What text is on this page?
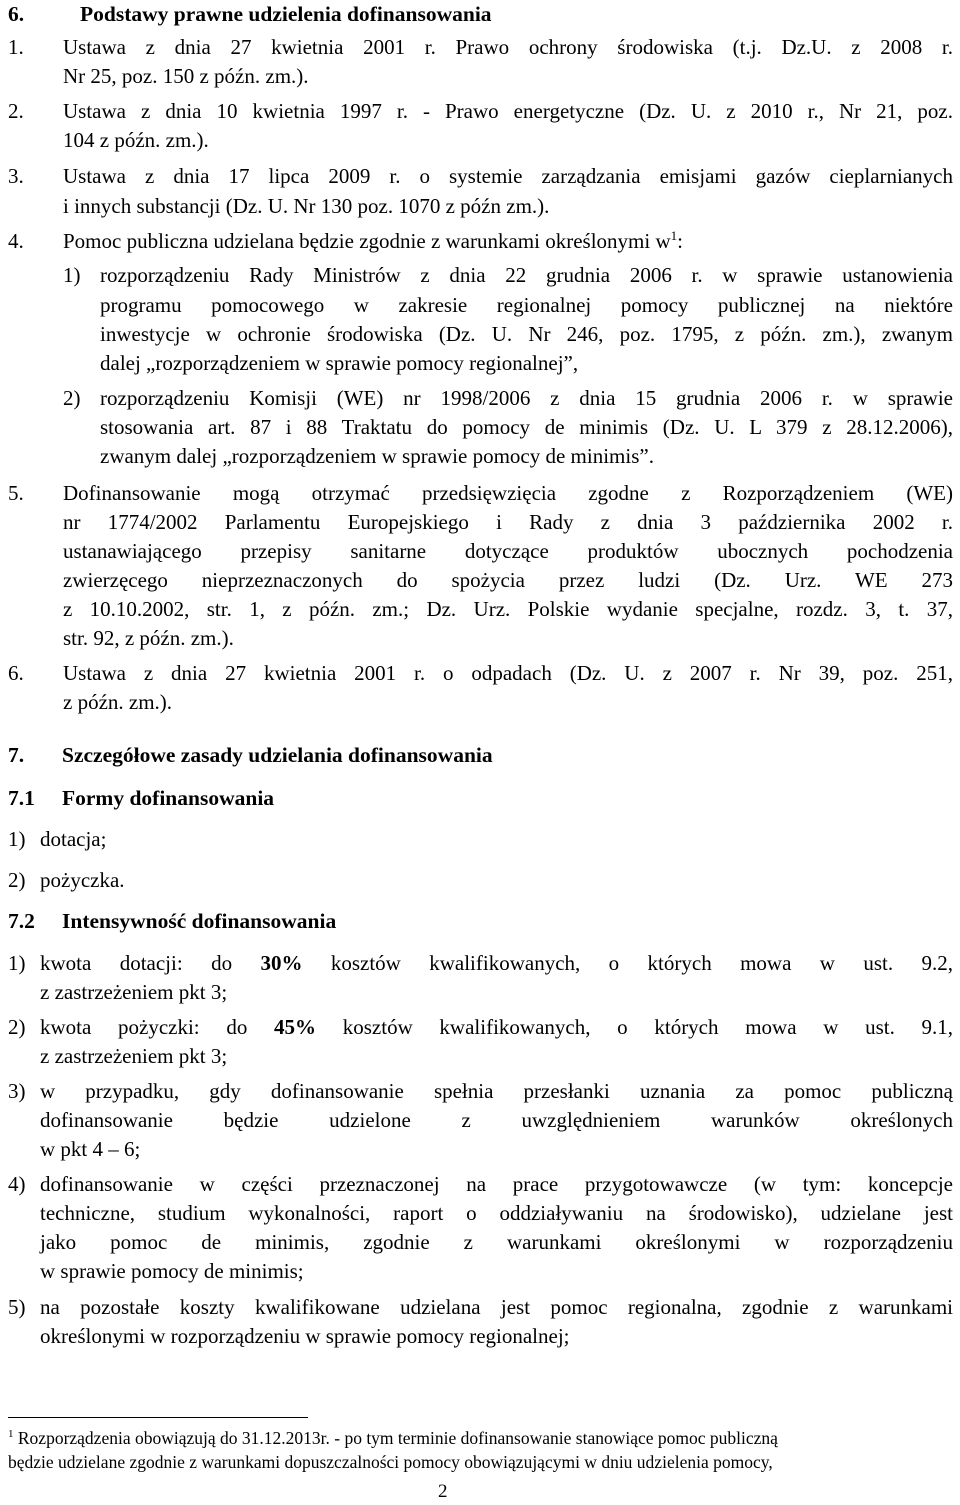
6.	Podstawy prawne udzielenia dofinansowania
1. Ustawa z dnia 27 kwietnia 2001 r. Prawo ochrony środowiska (t.j. Dz.U. z 2008 r.
Nr 25, poz. 150 z późn. zm.).
2. Ustawa z dnia 10 kwietnia 1997 r. - Prawo energetyczne (Dz. U. z 2010 r., Nr 21, poz.
104 z późn. zm.).
3. Ustawa z dnia 17 lipca 2009 r. o systemie zarządzania emisjami gazów cieplarnianych
i innych substancji (Dz. U. Nr 130 poz. 1070 z późn zm.).
4. Pomoc publiczna udzielana będzie zgodnie z warunkami określonymi $w^1$:
1) rozporządzeniu Rady Ministrów z dnia 22 grudnia 2006 r. w sprawie ustanowienia
programu pomocowego w zakresie regionalnej pomocy publicznej na niektóre
inwestycje w ochronie środowiska (Dz. U. Nr 246, poz. 1795, z późn. zm.), zwanym
dalej „rozporządzeniem w sprawie pomocy regionalnej”,
2) rozporządzeniu Komisji (WE) nr 1998/2006 z dnia 15 grudnia 2006 r. w sprawie
stosowania art. 87 i 88 Traktatu do pomocy de minimis (Dz. U. L 379 z 28.12.2006),
zwanym dalej „rozporządzeniem w sprawie pomocy de minimis”.
5. Dofinansowanie mogą otrzymać przedsięwzięcia zgodne z Rozporządzeniem (WE)
nr 1774/2002 Parlamentu Europejskiego i Rady z dnia 3 października 2002 r.
ustanawiającego przepisy sanitarne dotyczące produktów ubocznych pochodzenia
zwierzęcego nieprzeznaczonych do spożycia przez ludzi (Dz. Urz. WE 273
z 10.10.2002, str. 1, z późn. zm.; Dz. Urz. Polskie wydanie specjalne, rozdz. 3, t. 37,
str. 92, z późn. zm.).
6. Ustawa z dnia 27 kwietnia 2001 r. o odpadach (Dz. U. z 2007 r. Nr 39, poz. 251,
z późn. zm.).
7. Szczegółowe zasady udzielania dofinansowania
7.1 Formy dofinansowania
1) dotacja;
2) pożyczka.
7.2 Intensywność dofinansowania
1) kwota dotacji: do 30% kosztów kwalifikowanych, o których mowa w ust. 9.2,
z zastrzeżeniem pkt 3;
2) kwota pożyczki: do 45% kosztów kwalifikowanych, o których mowa w ust. 9.1,
z zastrzeżeniem pkt 3;
3) w przypadku, gdy dofinansowanie spełnia przesłanki uznania za pomoc publiczną
dofinansowanie będzie udzielone z uwzględnieniem warunków określonych
w pkt 4 – 6;
4) dofinansowanie w części przeznaczonej na prace przygotowawcze (w tym: koncepcje
techniczne, studium wykonalności, raport o oddziaływaniu na środowisko), udzielane jest
jako pomoc de minimis, zgodnie z warunkami określonymi w rozporządzeniu
w sprawie pomocy de minimis;
5) na pozostałe koszty kwalifikowane udzielana jest pomoc regionalna, zgodnie z warunkami
określonymi w rozporządzeniu w sprawie pomocy regionalnej;
$^1$ Rozporządzenia obowiązują do 31.12.2013r. - po tym terminie dofinansowanie stanowiące pomoc publiczną
będzie udzielane zgodnie z warunkami dopuszczalności pomocy obowiązującymi w dniu udzielenia pomocy,
2
